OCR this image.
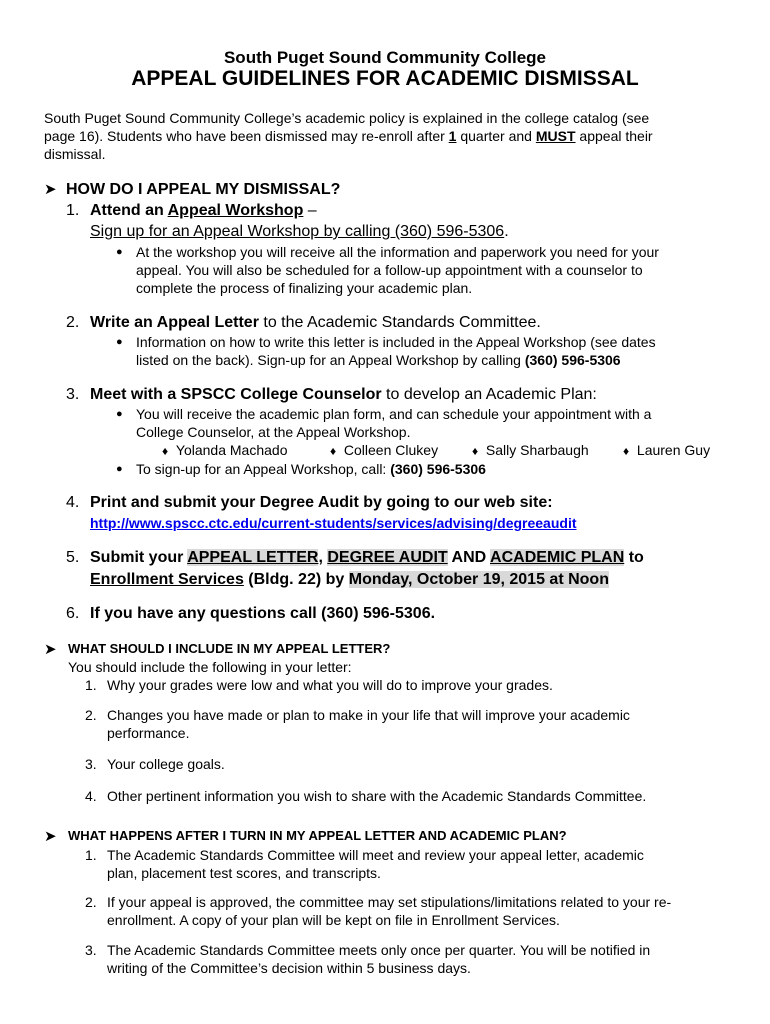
South Puget Sound Community College
APPEAL GUIDELINES FOR ACADEMIC DISMISSAL
South Puget Sound Community College’s academic policy is explained in the college catalog (see
page 16). Students who have been dismissed may re-enroll after 1 quarter and MUST appeal their
dismissal.
➤ HOW DO I APPEAL MY DISMISSAL?
1. Attend an Appeal Workshop –
Sign up for an Appeal Workshop by calling (360) 596-5306.
● At the workshop you will receive all the information and paperwork you need for your
appeal. You will also be scheduled for a follow-up appointment with a counselor to
complete the process of finalizing your academic plan.
2. Write an Appeal Letter to the Academic Standards Committee.
● Information on how to write this letter is included in the Appeal Workshop (see dates
listed on the back). Sign-up for an Appeal Workshop by calling (360) 596-5306
3. Meet with a SPSCC College Counselor to develop an Academic Plan:
● You will receive the academic plan form, and can schedule your appointment with a
College Counselor, at the Appeal Workshop.
♦ Yolanda Machado	♦ Colleen Clukey	♦ Sally Sharbaugh	♦ Lauren Guy
● To sign-up for an Appeal Workshop, call: (360) 596-5306
4. Print and submit your Degree Audit by going to our web site:
http://www.spscc.ctc.edu/current-students/services/advising/degreeaudit
5. Submit your APPEAL LETTER, DEGREE AUDIT AND ACADEMIC PLAN to
Enrollment Services (Bldg. 22) by Monday, October 19, 2015 at Noon
6. If you have any questions call (360) 596-5306.
➤ WHAT SHOULD I INCLUDE IN MY APPEAL LETTER?
You should include the following in your letter:
1. Why your grades were low and what you will do to improve your grades.
2. Changes you have made or plan to make in your life that will improve your academic
performance.
3. Your college goals.
4. Other pertinent information you wish to share with the Academic Standards Committee.
➤ WHAT HAPPENS AFTER I TURN IN MY APPEAL LETTER AND ACADEMIC PLAN?
1. The Academic Standards Committee will meet and review your appeal letter, academic
plan, placement test scores, and transcripts.
2. If your appeal is approved, the committee may set stipulations/limitations related to your re-
enrollment. A copy of your plan will be kept on file in Enrollment Services.
3. The Academic Standards Committee meets only once per quarter. You will be notified in
writing of the Committee’s decision within 5 business days.
